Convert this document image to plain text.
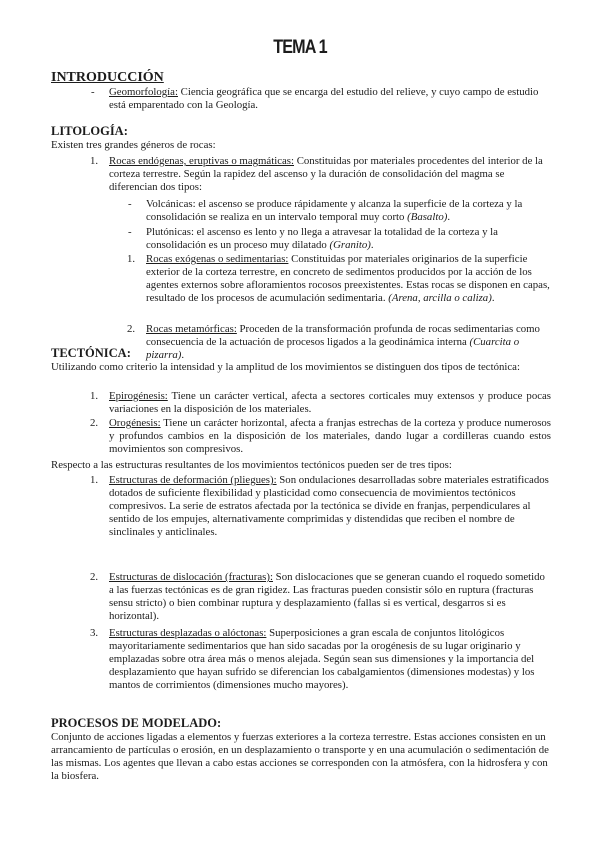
TEMA 1
INTRODUCCIÓN
- Geomorfología: Ciencia geográfica que se encarga del estudio del relieve, y cuyo campo de estudio está emparentado con la Geología.
LITOLOGÍA:
Existen tres grandes géneros de rocas:
1. Rocas endógenas, eruptivas o magmáticas: Constituidas por materiales procedentes del interior de la corteza terrestre. Según la rapidez del ascenso y la duración de consolidación del magma se diferencian dos tipos:
- Volcánicas: el ascenso se produce rápidamente y alcanza la superficie de la corteza y la consolidación se realiza en un intervalo temporal muy corto (Basalto).
- Plutónicas: el ascenso es lento y no llega a atravesar la totalidad de la corteza y la consolidación es un proceso muy dilatado (Granito).
1. Rocas exógenas o sedimentarias: Constituidas por materiales originarios de la superficie exterior de la corteza terrestre, en concreto de sedimentos producidos por la acción de los agentes externos sobre afloramientos rocosos preexistentes. Estas rocas se disponen en capas, resultado de los procesos de acumulación sedimentaria. (Arena, arcilla o caliza).
2. Rocas metamórficas: Proceden de la transformación profunda de rocas sedimentarias como consecuencia de la actuación de procesos ligados a la geodinámica interna (Cuarcita o pizarra).
TECTÓNICA:
Utilizando como criterio la intensidad y la amplitud de los movimientos se distinguen dos tipos de tectónica:
1. Epirogénesis: Tiene un carácter vertical, afecta a sectores corticales muy extensos y produce pocas variaciones en la disposición de los materiales.
2. Orogénesis: Tiene un carácter horizontal, afecta a franjas estrechas de la corteza y produce numerosos y profundos cambios en la disposición de los materiales, dando lugar a cordilleras cuando estos movimientos son compresivos.
Respecto a las estructuras resultantes de los movimientos tectónicos pueden ser de tres tipos:
1. Estructuras de deformación (pliegues): Son ondulaciones desarrolladas sobre materiales estratificados dotados de suficiente flexibilidad y plasticidad como consecuencia de movimientos tectónicos compresivos. La serie de estratos afectada por la tectónica se divide en franjas, perpendiculares al sentido de los empujes, alternativamente comprimidas y distendidas que reciben el nombre de sinclinales y anticlinales.
2. Estructuras de dislocación (fracturas): Son dislocaciones que se generan cuando el roquedo sometido a las fuerzas tectónicas es de gran rigidez. Las fracturas pueden consistir sólo en ruptura (fracturas sensu stricto) o bien combinar ruptura y desplazamiento (fallas si es vertical, desgarros si es horizontal).
3. Estructuras desplazadas o alóctonas: Superposiciones a gran escala de conjuntos litológicos mayoritariamente sedimentarios que han sido sacadas por la orogénesis de su lugar originario y emplazadas sobre otra área más o menos alejada. Según sean sus dimensiones y la importancia del desplazamiento que hayan sufrido se diferencian los cabalgamientos (dimensiones modestas) y los mantos de corrimientos (dimensiones mucho mayores).
PROCESOS DE MODELADO:
Conjunto de acciones ligadas a elementos y fuerzas exteriores a la corteza terrestre. Estas acciones consisten en un arrancamiento de partículas o erosión, en un desplazamiento o transporte y en una acumulación o sedimentación de las mismas. Los agentes que llevan a cabo estas acciones se corresponden con la atmósfera, con la hidrosfera y con la biosfera.
